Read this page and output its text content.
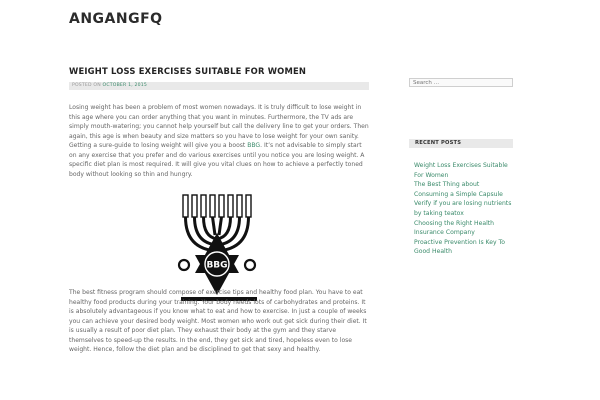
ANGANGFQ
WEIGHT LOSS EXERCISES SUITABLE FOR WOMEN
POSTED ON OCTOBER 1, 2015

Losing weight has been a problem of most women nowadays. It is truly difficult to lose weight in this age where you can order anything that you want in minutes. Furthermore, the TV ads are simply mouth-watering; you cannot help yourself but call the delivery line to get your orders. Then again, this age is when beauty and size matters so you have to lose weight for your own sanity. Getting a sure-guide to losing weight will give you a boost BBG. It’s not advisable to simply start on any exercise that you prefer and do various exercises until you notice you are losing weight. A specific diet plan is most required. It will give you vital clues on how to achieve a perfectly toned body without looking so thin and hungry.

BBG

The best fitness program should compose of exercise tips and healthy food plan. You have to eat healthy food products during your training. Your body needs lots of carbohydrates and proteins. It is absolutely advantageous if you know what to eat and how to exercise. In just a couple of weeks you can achieve your desired body weight. Most women who work out get sick during their diet. It is usually a result of poor diet plan. They exhaust their body at the gym and they starve themselves to speed-up the results. In the end, they get sick and tired, hopeless even to lose weight. Hence, follow the diet plan and be disciplined to get that sexy and healthy.

Search …
RECENT POSTS
Weight Loss Exercises Suitable For Women
The Best Thing about Consuming a Simple Capsule
Verify if you are losing nutrients by taking teatox
Choosing the Right Health Insurance Company
Proactive Prevention Is Key To Good Health
